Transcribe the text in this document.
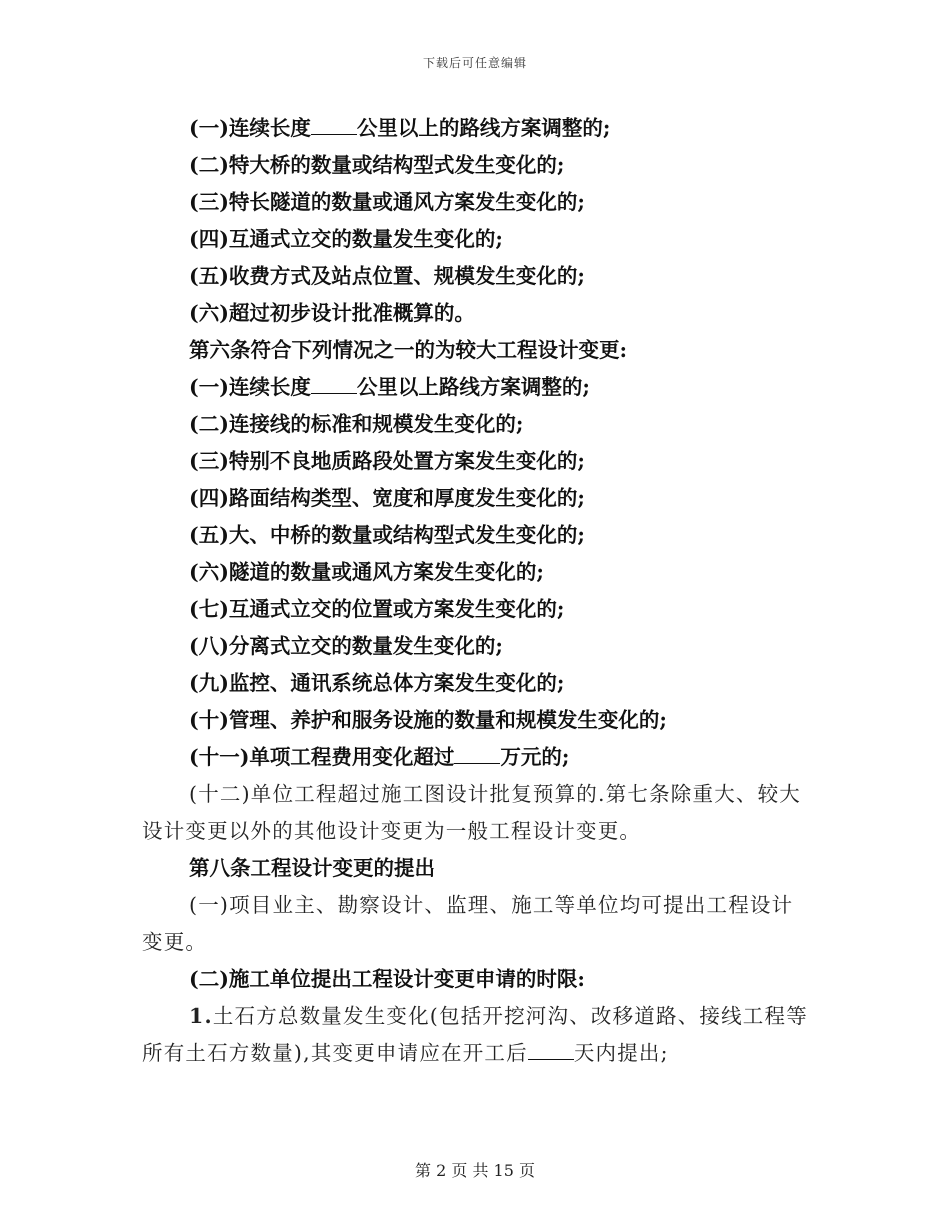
下载后可任意编辑
(一)连续长度 公里以上的路线方案调整的;
(二)特大桥的数量或结构型式发生变化的;
(三)特长隧道的数量或通风方案发生变化的;
(四)互通式立交的数量发生变化的;
(五)收费方式及站点位置、规模发生变化的;
(六)超过初步设计批准概算的。
第六条符合下列情况之一的为较大工程设计变更:
(一)连续长度 公里以上路线方案调整的;
(二)连接线的标准和规模发生变化的;
(三)特别不良地质路段处置方案发生变化的;
(四)路面结构类型、宽度和厚度发生变化的;
(五)大、中桥的数量或结构型式发生变化的;
(六)隧道的数量或通风方案发生变化的;
(七)互通式立交的位置或方案发生变化的;
(八)分离式立交的数量发生变化的;
(九)监控、通讯系统总体方案发生变化的;
(十)管理、养护和服务设施的数量和规模发生变化的;
(十一)单项工程费用变化超过 万元的;
(十二)单位工程超过施工图设计批复预算的.第七条除重大、较大
设计变更以外的其他设计变更为一般工程设计变更。
第八条工程设计变更的提出
(一)项目业主、勘察设计、监理、施工等单位均可提出工程设计
变更。
(二)施工单位提出工程设计变更申请的时限:
1.土石方总数量发生变化(包括开挖河沟、改移道路、接线工程等
所有土石方数量),其变更申请应在开工后 天内提出;
第 2 页 共 15 页
